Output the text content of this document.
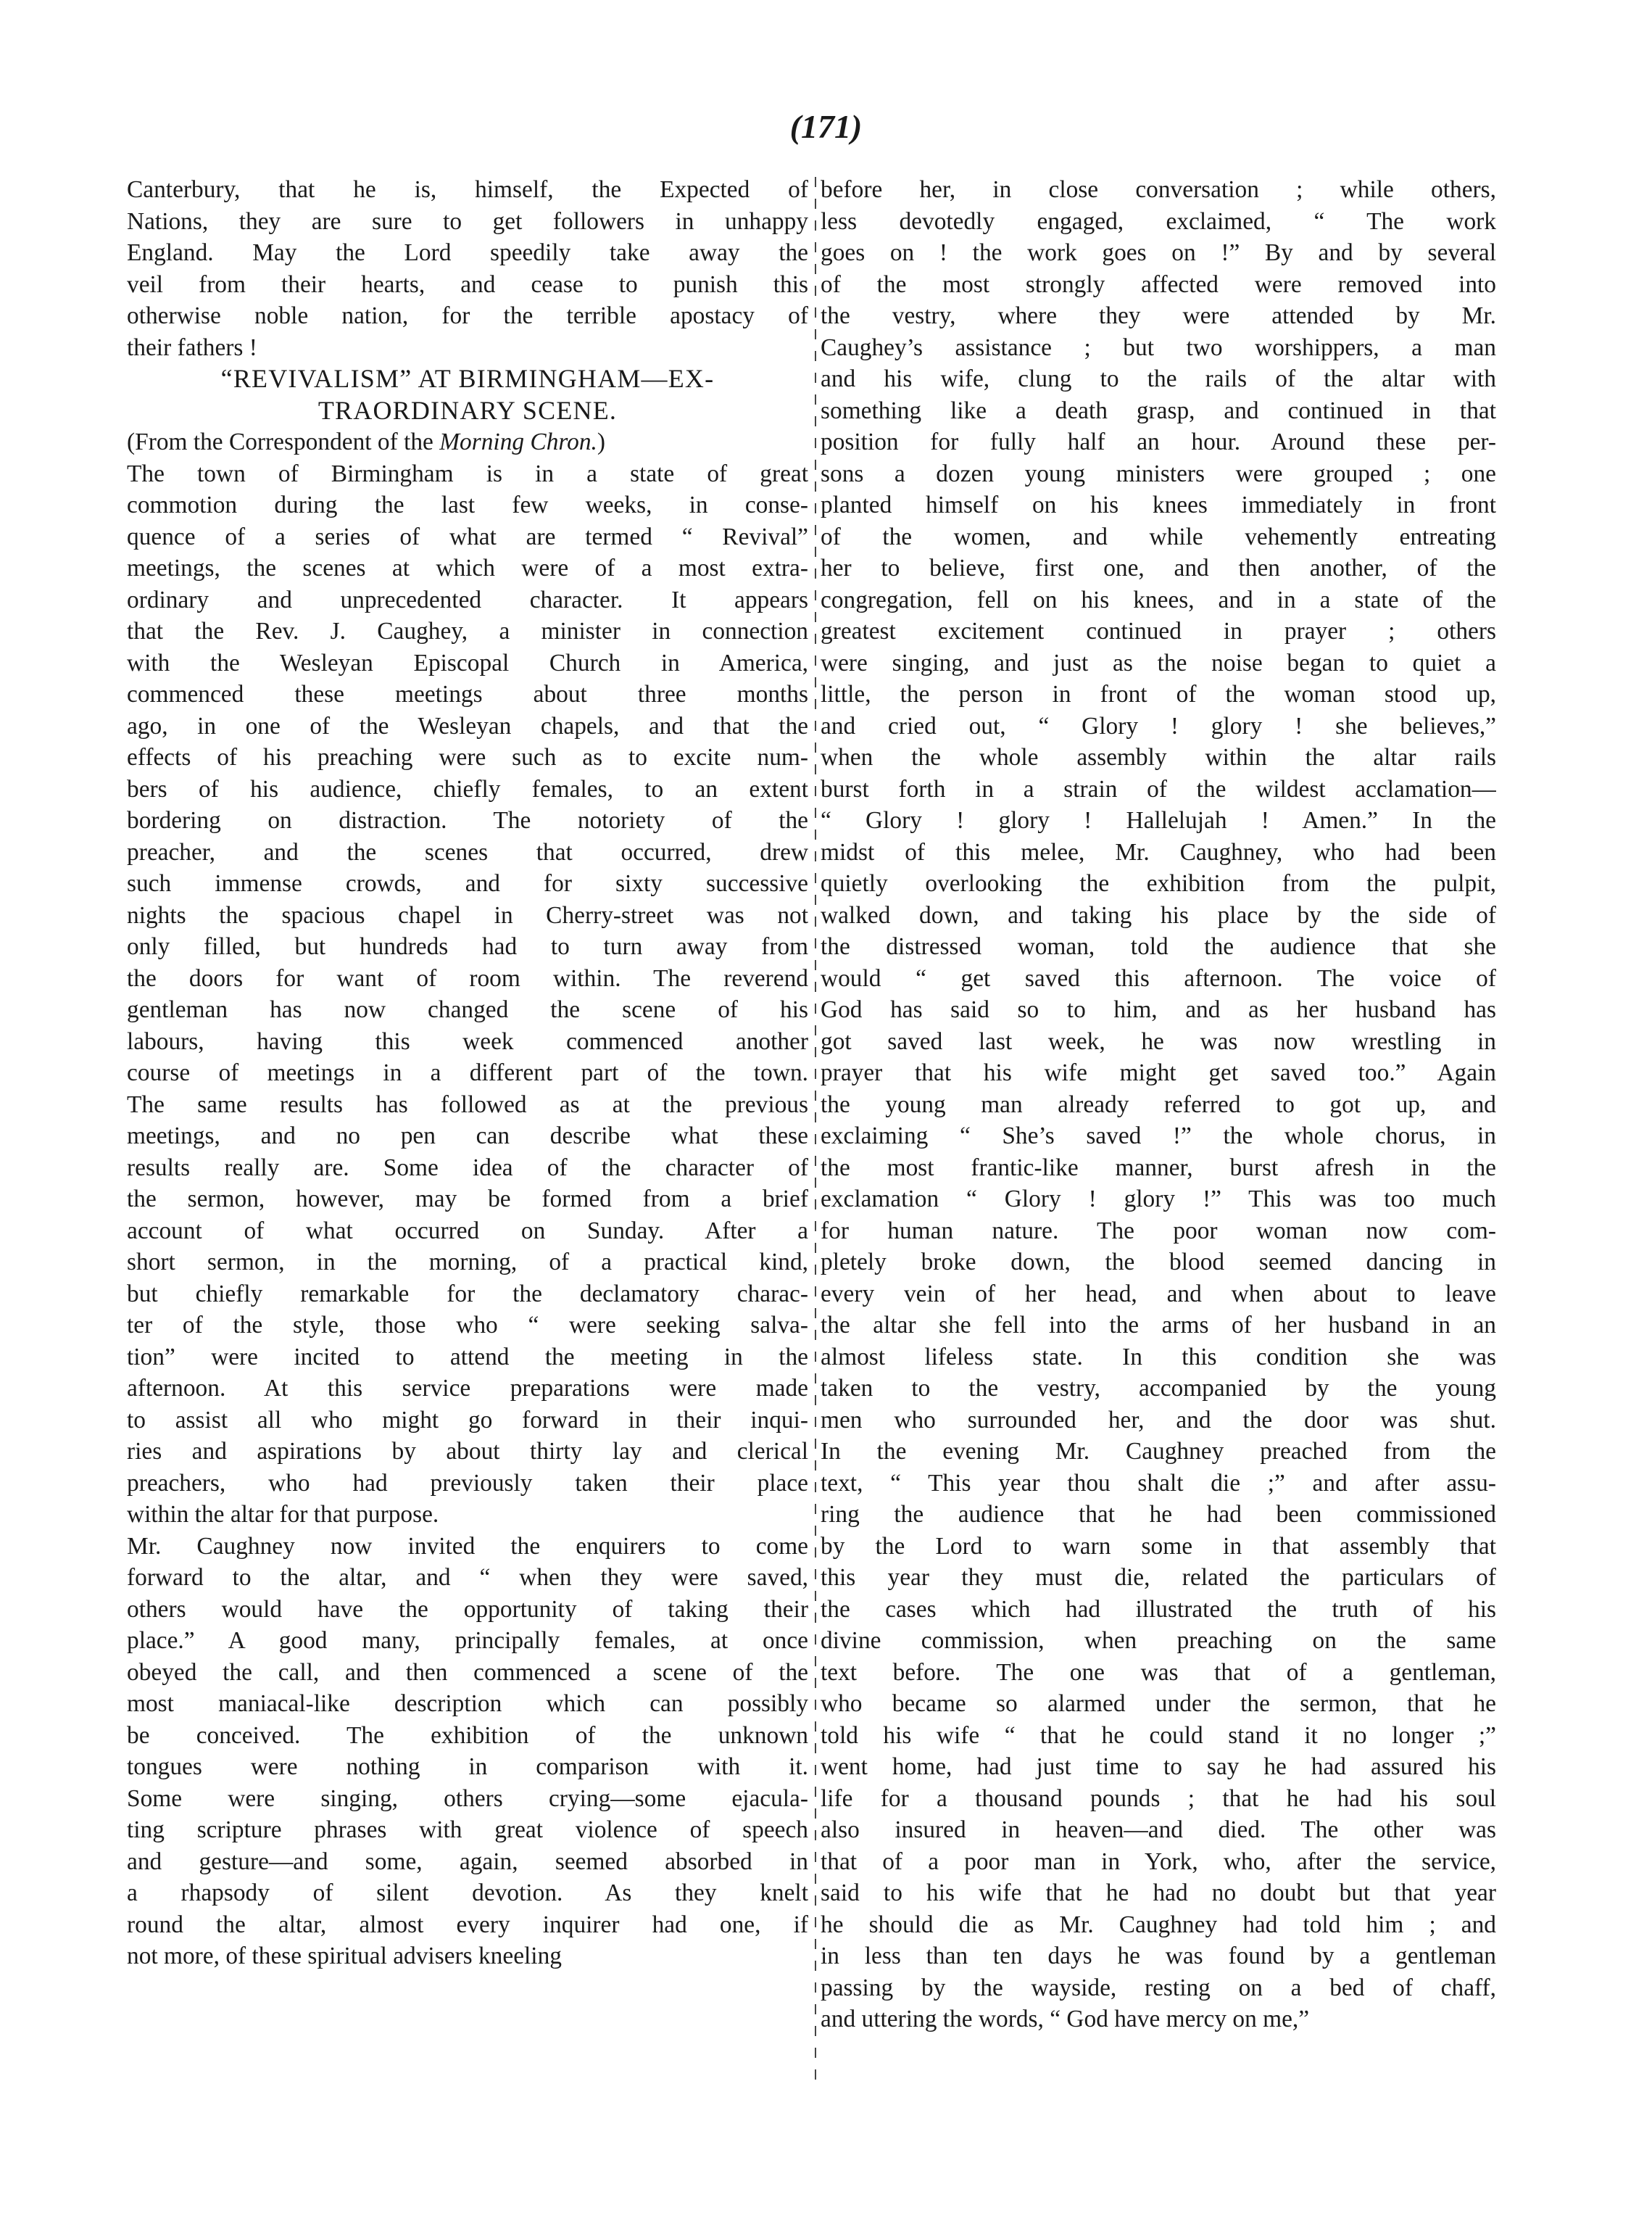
(171)
Canterbury, that he is, himself, the Expected of
Nations, they are sure to get followers in unhappy
England. May the Lord speedily take away the
veil from their hearts, and cease to punish this
otherwise noble nation, for the terrible apostacy of
their fathers !
“REVIVALISM” AT BIRMINGHAM—EX-
TRAORDINARY SCENE.
(From the Correspondent of the Morning Chron.)
The town of Birmingham is in a state of great
commotion during the last few weeks, in conse-
quence of a series of what are termed “ Revival”
meetings, the scenes at which were of a most extra-
ordinary and unprecedented character. It appears
that the Rev. J. Caughey, a minister in connection
with the Wesleyan Episcopal Church in America,
commenced these meetings about three months
ago, in one of the Wesleyan chapels, and that the
effects of his preaching were such as to excite num-
bers of his audience, chiefly females, to an extent
bordering on distraction. The notoriety of the
preacher, and the scenes that occurred, drew
such immense crowds, and for sixty successive
nights the spacious chapel in Cherry-street was not
only filled, but hundreds had to turn away from
the doors for want of room within. The reverend
gentleman has now changed the scene of his
labours, having this week commenced another
course of meetings in a different part of the town.
The same results has followed as at the previous
meetings, and no pen can describe what these
results really are. Some idea of the character of
the sermon, however, may be formed from a brief
account of what occurred on Sunday. After a
short sermon, in the morning, of a practical kind,
but chiefly remarkable for the declamatory charac-
ter of the style, those who “ were seeking salva-
tion” were incited to attend the meeting in the
afternoon. At this service preparations were made
to assist all who might go forward in their inqui-
ries and aspirations by about thirty lay and clerical
preachers, who had previously taken their place
within the altar for that purpose.
Mr. Caughney now invited the enquirers to come
forward to the altar, and “ when they were saved,
others would have the opportunity of taking their
place.” A good many, principally females, at once
obeyed the call, and then commenced a scene of the
most maniacal-like description which can possibly
be conceived. The exhibition of the unknown
tongues were nothing in comparison with it.
Some were singing, others crying—some ejacula-
ting scripture phrases with great violence of speech
and gesture—and some, again, seemed absorbed in
a rhapsody of silent devotion. As they knelt
round the altar, almost every inquirer had one, if
not more, of these spiritual advisers kneeling
before her, in close conversation ; while others,
less devotedly engaged, exclaimed, “ The work
goes on ! the work goes on !” By and by several
of the most strongly affected were removed into
the vestry, where they were attended by Mr.
Caughey’s assistance ; but two worshippers, a man
and his wife, clung to the rails of the altar with
something like a death grasp, and continued in that
position for fully half an hour. Around these per-
sons a dozen young ministers were grouped ; one
planted himself on his knees immediately in front
of the women, and while vehemently entreating
her to believe, first one, and then another, of the
congregation, fell on his knees, and in a state of the
greatest excitement continued in prayer ; others
were singing, and just as the noise began to quiet a
little, the person in front of the woman stood up,
and cried out, “ Glory ! glory ! she believes,”
when the whole assembly within the altar rails
burst forth in a strain of the wildest acclamation—
“ Glory ! glory ! Hallelujah ! Amen.” In the
midst of this melee, Mr. Caughney, who had been
quietly overlooking the exhibition from the pulpit,
walked down, and taking his place by the side of
the distressed woman, told the audience that she
would “ get saved this afternoon. The voice of
God has said so to him, and as her husband has
got saved last week, he was now wrestling in
prayer that his wife might get saved too.” Again
the young man already referred to got up, and
exclaiming “ She’s saved !” the whole chorus, in
the most frantic-like manner, burst afresh in the
exclamation “ Glory ! glory !” This was too much
for human nature. The poor woman now com-
pletely broke down, the blood seemed dancing in
every vein of her head, and when about to leave
the altar she fell into the arms of her husband in an
almost lifeless state. In this condition she was
taken to the vestry, accompanied by the young
men who surrounded her, and the door was shut.
In the evening Mr. Caughney preached from the
text, “ This year thou shalt die ;” and after assu-
ring the audience that he had been commissioned
by the Lord to warn some in that assembly that
this year they must die, related the particulars of
the cases which had illustrated the truth of his
divine commission, when preaching on the same
text before. The one was that of a gentleman,
who became so alarmed under the sermon, that he
told his wife “ that he could stand it no longer ;”
went home, had just time to say he had assured his
life for a thousand pounds ; that he had his soul
also insured in heaven—and died. The other was
that of a poor man in York, who, after the service,
said to his wife that he had no doubt but that year
he should die as Mr. Caughney had told him ; and
in less than ten days he was found by a gentleman
passing by the wayside, resting on a bed of chaff,
and uttering the words, “ God have mercy on me,”
